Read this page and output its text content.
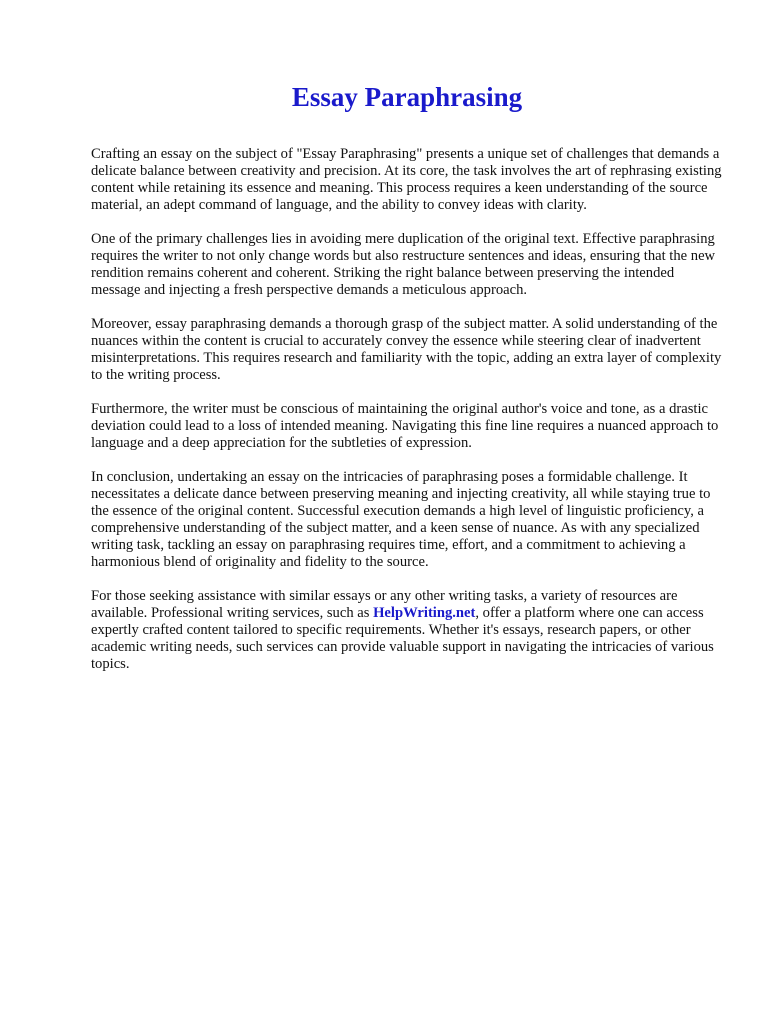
Essay Paraphrasing

Crafting an essay on the subject of "Essay Paraphrasing" presents a unique set of challenges that demands a delicate balance between creativity and precision. At its core, the task involves the art of rephrasing existing content while retaining its essence and meaning. This process requires a keen understanding of the source material, an adept command of language, and the ability to convey ideas with clarity.

One of the primary challenges lies in avoiding mere duplication of the original text. Effective paraphrasing requires the writer to not only change words but also restructure sentences and ideas, ensuring that the new rendition remains coherent and coherent. Striking the right balance between preserving the intended message and injecting a fresh perspective demands a meticulous approach.

Moreover, essay paraphrasing demands a thorough grasp of the subject matter. A solid understanding of the nuances within the content is crucial to accurately convey the essence while steering clear of inadvertent misinterpretations. This requires research and familiarity with the topic, adding an extra layer of complexity to the writing process.

Furthermore, the writer must be conscious of maintaining the original author's voice and tone, as a drastic deviation could lead to a loss of intended meaning. Navigating this fine line requires a nuanced approach to language and a deep appreciation for the subtleties of expression.

In conclusion, undertaking an essay on the intricacies of paraphrasing poses a formidable challenge. It necessitates a delicate dance between preserving meaning and injecting creativity, all while staying true to the essence of the original content. Successful execution demands a high level of linguistic proficiency, a comprehensive understanding of the subject matter, and a keen sense of nuance. As with any specialized writing task, tackling an essay on paraphrasing requires time, effort, and a commitment to achieving a harmonious blend of originality and fidelity to the source.

For those seeking assistance with similar essays or any other writing tasks, a variety of resources are available. Professional writing services, such as HelpWriting.net, offer a platform where one can access expertly crafted content tailored to specific requirements. Whether it's essays, research papers, or other academic writing needs, such services can provide valuable support in navigating the intricacies of various topics.
